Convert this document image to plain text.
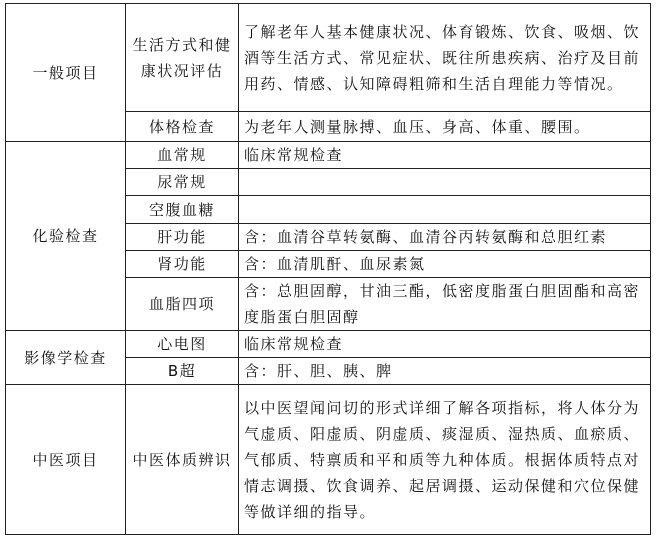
一般项目	生活方式和健康状况评估	了解老年人基本健康状况、体育锻炼、饮食、吸烟、饮酒等生活方式、常见症状、既往所患疾病、治疗及目前用药、情感、认知障碍粗筛和生活自理能力等情况。
	体格检查	为老年人测量脉搏、血压、身高、体重、腰围。
化验检查	血常规	临床常规检查
	尿常规	
	空腹血糖	
	肝功能	含：血清谷草转氨酶、血清谷丙转氨酶和总胆红素
	肾功能	含：血清肌酐、血尿素氮
	血脂四项	含：总胆固醇，甘油三酯，低密度脂蛋白胆固酯和高密度脂蛋白胆固醇
影像学检查	心电图	临床常规检查
	B超	含：肝、胆、胰、脾
中医项目	中医体质辨识	以中医望闻问切的形式详细了解各项指标，将人体分为气虚质、阳虚质、阴虚质、痰湿质、湿热质、血瘀质、气郁质、特禀质和平和质等九种体质。根据体质特点对情志调摄、饮食调养、起居调摄、运动保健和穴位保健等做详细的指导。
